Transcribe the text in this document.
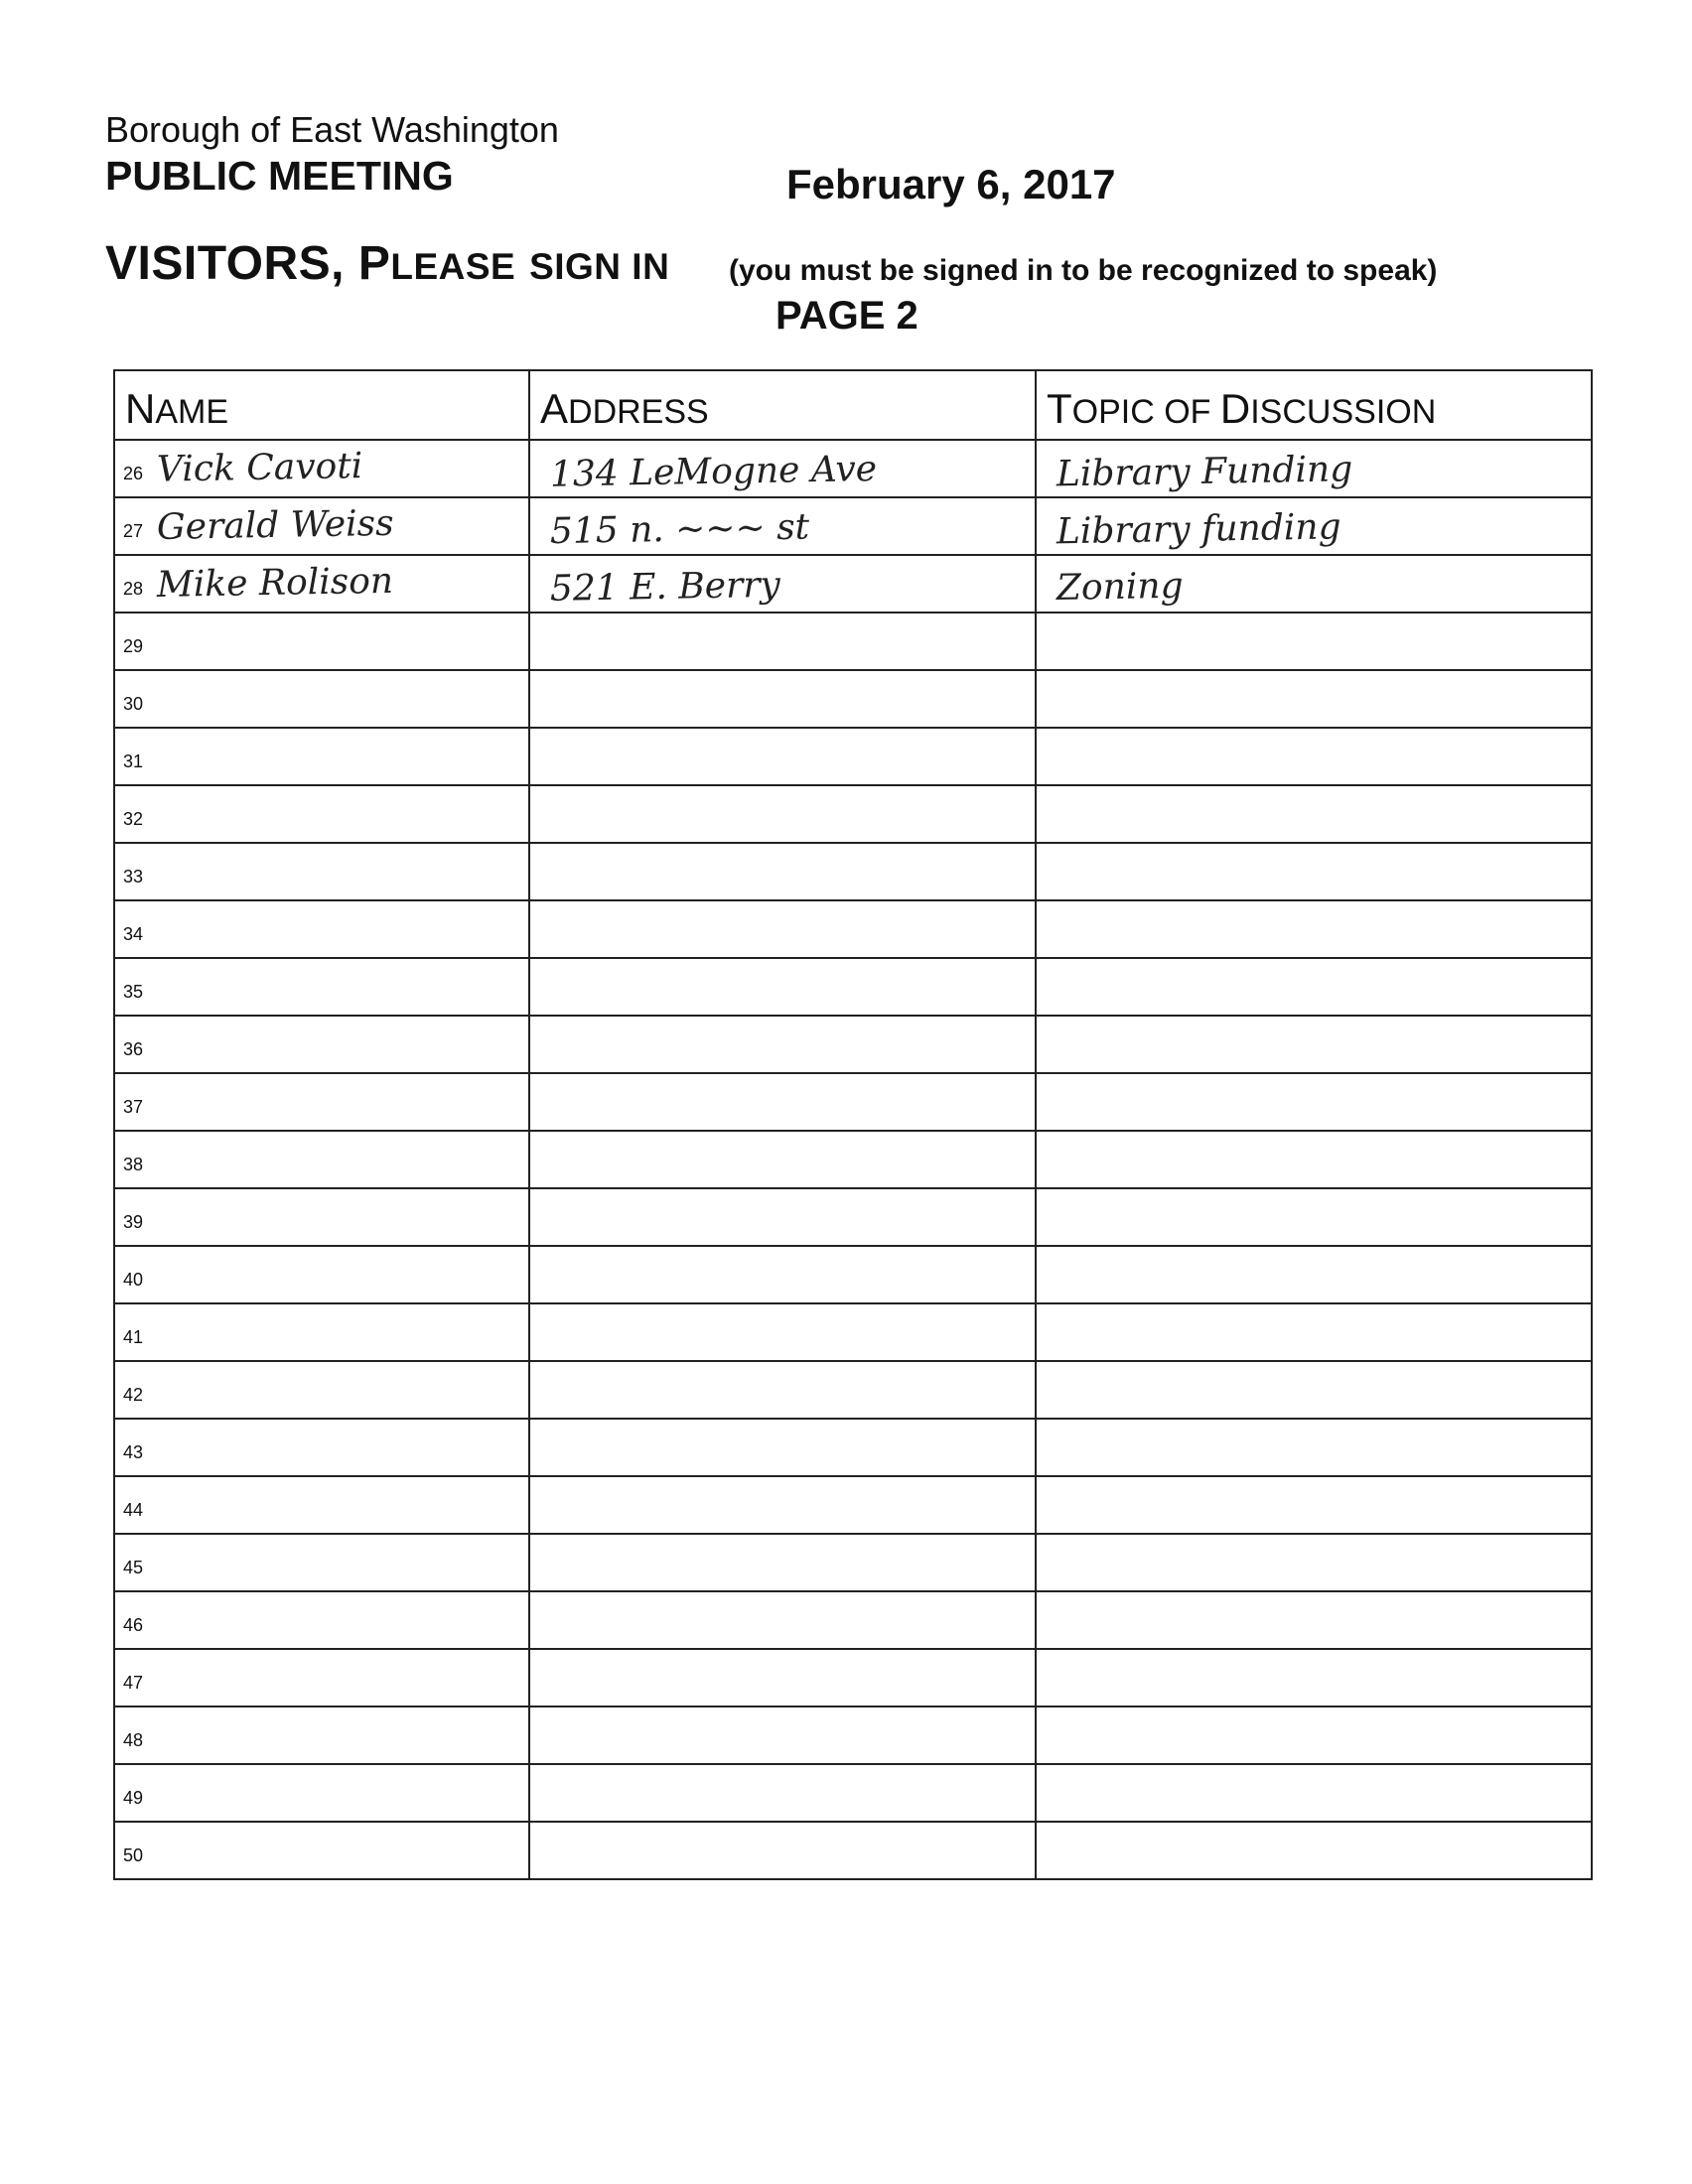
Borough of East Washington
PUBLIC MEETING	February 6, 2017
VISITORS, PLEASE SIGN IN (you must be signed in to be recognized to speak)
PAGE 2
NAME	ADDRESS	TOPIC OF DISCUSSION
26 Vick Cavoti	134 LeMogne Ave	Library Funding
27 Gerald Weiss	515 n. ~~~ st	Library funding
28 Mike Rolison	521 E. Berry	Zoning
29		
30		
31		
32		
33		
34		
35		
36		
37		
38		
39		
40		
41		
42		
43		
44		
45		
46		
47		
48		
49		
50		
